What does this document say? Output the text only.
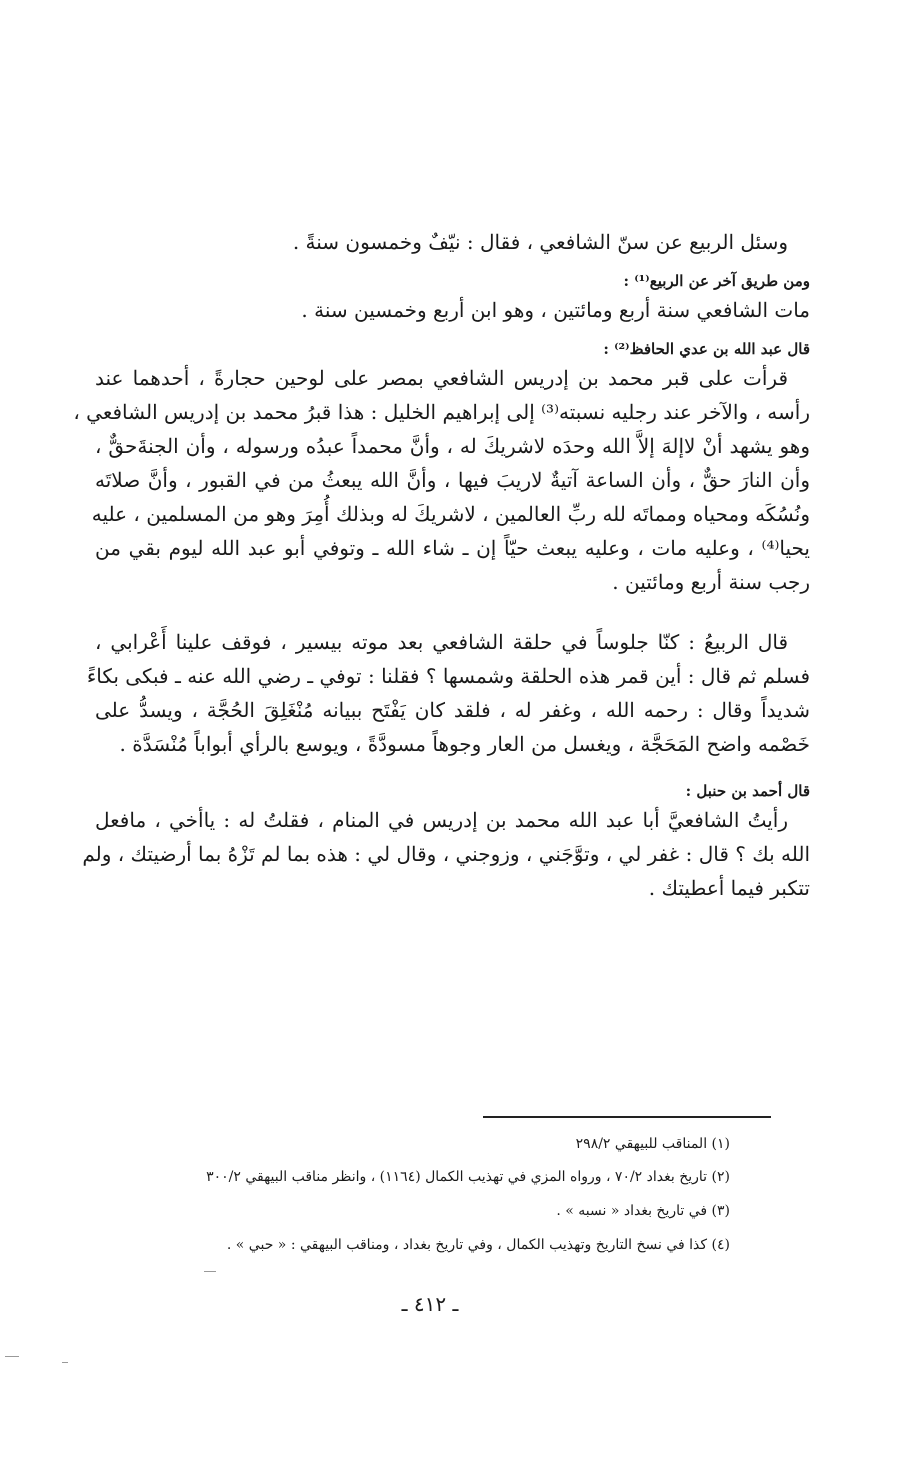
وسئل الربيع عن سنّ الشافعي ، فقال : نيّفٌ وخمسون سنةً .

ومن طريق آخر عن الربيع⁽¹⁾ :

مات الشافعي سنة أربع ومائتين ، وهو ابن أربع وخمسين سنة .

قال عبد الله بن عدي الحافظ⁽²⁾ :

قرأت على قبر محمد بن إدريس الشافعي بمصر على لوحين حجارةً ، أحدهما عند

رأسه ، والآخر عند رجليه نسبته⁽³⁾ إلى إبراهيم الخليل : هذا قبرُ محمد بن إدريس الشافعي ،

وهو يشهد أنْ لاإلهَ إلاَّ الله وحدَه لاشريكَ له ، وأنَّ محمداً عبدُه ورسوله ، وأن الجنةَحقٌّ ،

وأن النارَ حقٌّ ، وأن الساعة آتيةٌ لاريبَ فيها ، وأنَّ الله يبعثُ من في القبور ، وأنَّ صلاتَه

ونُسُكَه ومحياه ومماتَه لله ربِّ العالمين ، لاشريكَ له وبذلك أُمِرَ وهو من المسلمين ، عليه

يحيا⁽⁴⁾ ، وعليه مات ، وعليه يبعث حيّاً إن ـ شاء الله ـ وتوفي أبو عبد الله ليوم بقي من

رجب سنة أربع ومائتين .

قال الربيعُ : كنّا جلوساً في حلقة الشافعي بعد موته بيسير ، فوقف علينا أَعْرابي ،

فسلم ثم قال : أين قمر هذه الحلقة وشمسها ؟ فقلنا : توفي ـ رضي الله عنه ـ فبكى بكاءً

شديداً وقال : رحمه الله ، وغفر له ، فلقد كان يَفْتَح ببيانه مُنْغَلِقَ الحُجَّة ، ويسدُّ على

خَصْمه واضح المَحَجَّة ، ويغسل من العار وجوهاً مسودَّةً ، ويوسع بالرأي أبواباً مُنْسَدَّة .

قال أحمد بن حنبل :

رأيتُ الشافعيَّ أبا عبد الله محمد بن إدريس في المنام ، فقلتُ له : ياأخي ، مافعل

الله بك ؟ قال : غفر لي ، وتوَّجَني ، وزوجني ، وقال لي : هذه بما لم تَزْهُ بما أرضيتك ، ولم

تتكبر فيما أعطيتك .

(١) المناقب للبيهقي ٢٩٨/٢
(٢) تاريخ بغداد ٧٠/٢ ، ورواه المزي في تهذيب الكمال (١١٦٤) ، وانظر مناقب البيهقي ٣٠٠/٢
(٣) في تاريخ بغداد « نسبه » .
(٤) كذا في نسخ التاريخ وتهذيب الكمال ، وفي تاريخ بغداد ، ومناقب البيهقي : « حبي » .
ـ ٤١٢ ـ
